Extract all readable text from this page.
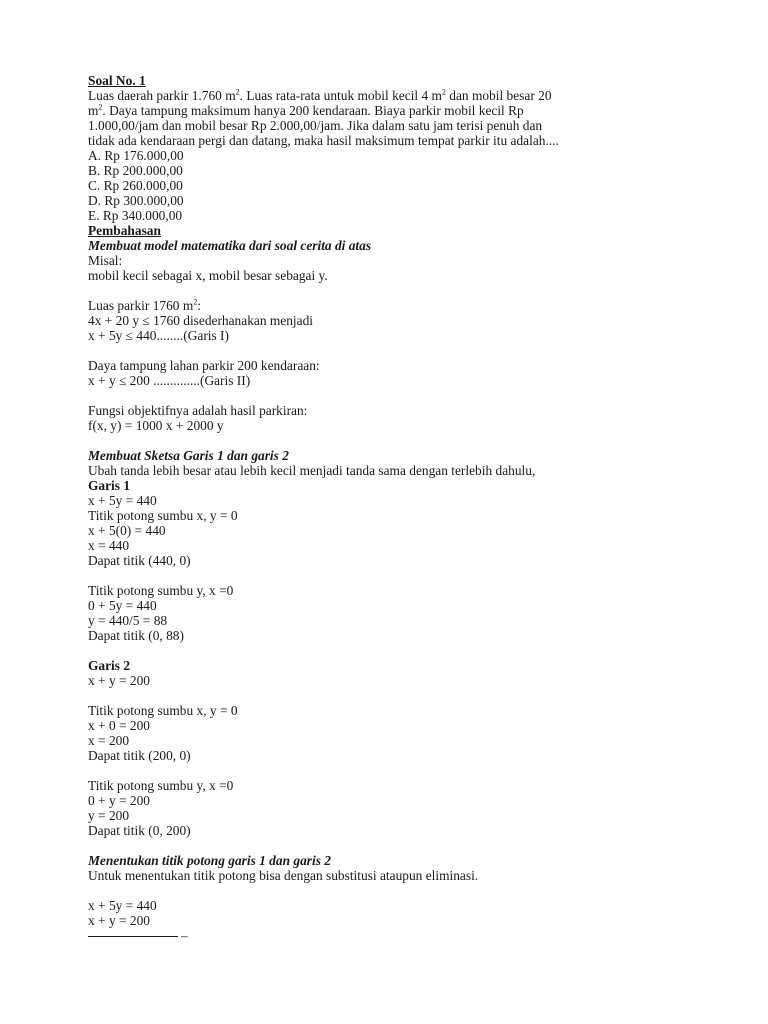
Soal No. 1
Luas daerah parkir 1.760 $m^2$. Luas rata-rata untuk mobil kecil 4 $m^2$ dan mobil besar 20
$m^2$. Daya tampung maksimum hanya 200 kendaraan. Biaya parkir mobil kecil Rp
1.000,00/jam dan mobil besar Rp 2.000,00/jam. Jika dalam satu jam terisi penuh dan
tidak ada kendaraan pergi dan datang, maka hasil maksimum tempat parkir itu adalah....
A. Rp 176.000,00
B. Rp 200.000,00
C. Rp 260.000,00
D. Rp 300.000,00
E. Rp 340.000,00
Pembahasan
Membuat model matematika dari soal cerita di atas
Misal:
mobil kecil sebagai x, mobil besar sebagai y.
Luas parkir 1760 $m^2$:
4x + 20 y ≤ 1760 disederhanakan menjadi
x + 5y ≤ 440........(Garis I)
Daya tampung lahan parkir 200 kendaraan:
x + y ≤ 200 ..............(Garis II)
Fungsi objektifnya adalah hasil parkiran:
f(x, y) = 1000 x + 2000 y
Membuat Sketsa Garis 1 dan garis 2
Ubah tanda lebih besar atau lebih kecil menjadi tanda sama dengan terlebih dahulu,
Garis 1
x + 5y = 440
Titik potong sumbu x, y = 0
x + 5(0) = 440
x = 440
Dapat titik (440, 0)
Titik potong sumbu y, x =0
0 + 5y = 440
y = 440/5 = 88
Dapat titik (0, 88)
Garis 2
x + y = 200
Titik potong sumbu x, y = 0
x + 0 = 200
x = 200
Dapat titik (200, 0)
Titik potong sumbu y, x =0
0 + y = 200
y = 200
Dapat titik (0, 200)
Menentukan titik potong garis 1 dan garis 2
Untuk menentukan titik potong bisa dengan substitusi ataupun eliminasi.
x + 5y = 440
x + y = 200
–
